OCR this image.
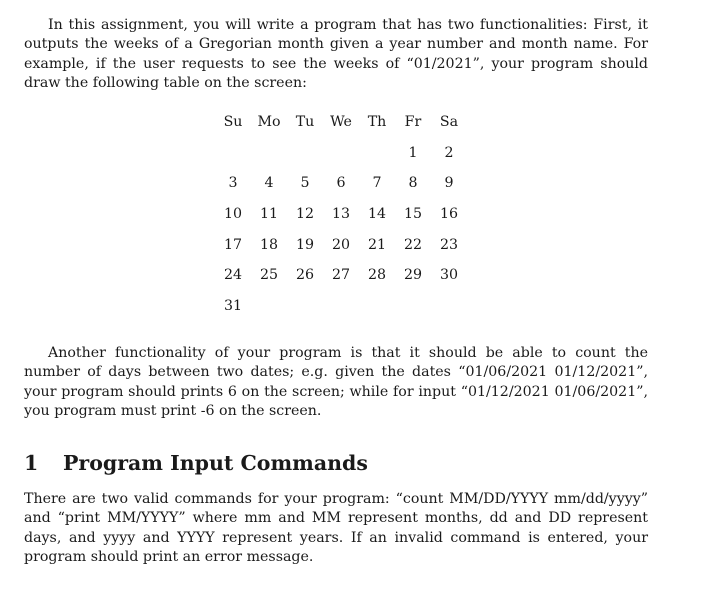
In this assignment, you will write a program that has two functionalities: First, it outputs the weeks of a Gregorian month given a year number and month name. For example, if the user requests to see the weeks of “01/2021”, your program should draw the following table on the screen:

Su	Mo	Tu	We	Th	Fr	Sa
					1	2
3	4	5	6	7	8	9
10	11	12	13	14	15	16
17	18	19	20	21	22	23
24	25	26	27	28	29	30
31						

Another functionality of your program is that it should be able to count the number of days between two dates; e.g. given the dates “01/06/2021 01/12/2021”, your program should prints 6 on the screen; while for input “01/12/2021 01/06/2021”, you program must print -6 on the screen.

1 Program Input Commands

There are two valid commands for your program: “count MM/DD/YYYY mm/dd/yyyy” and “print MM/YYYY” where mm and MM represent months, dd and DD represent days, and yyyy and YYYY represent years. If an invalid command is entered, your program should print an error message.
